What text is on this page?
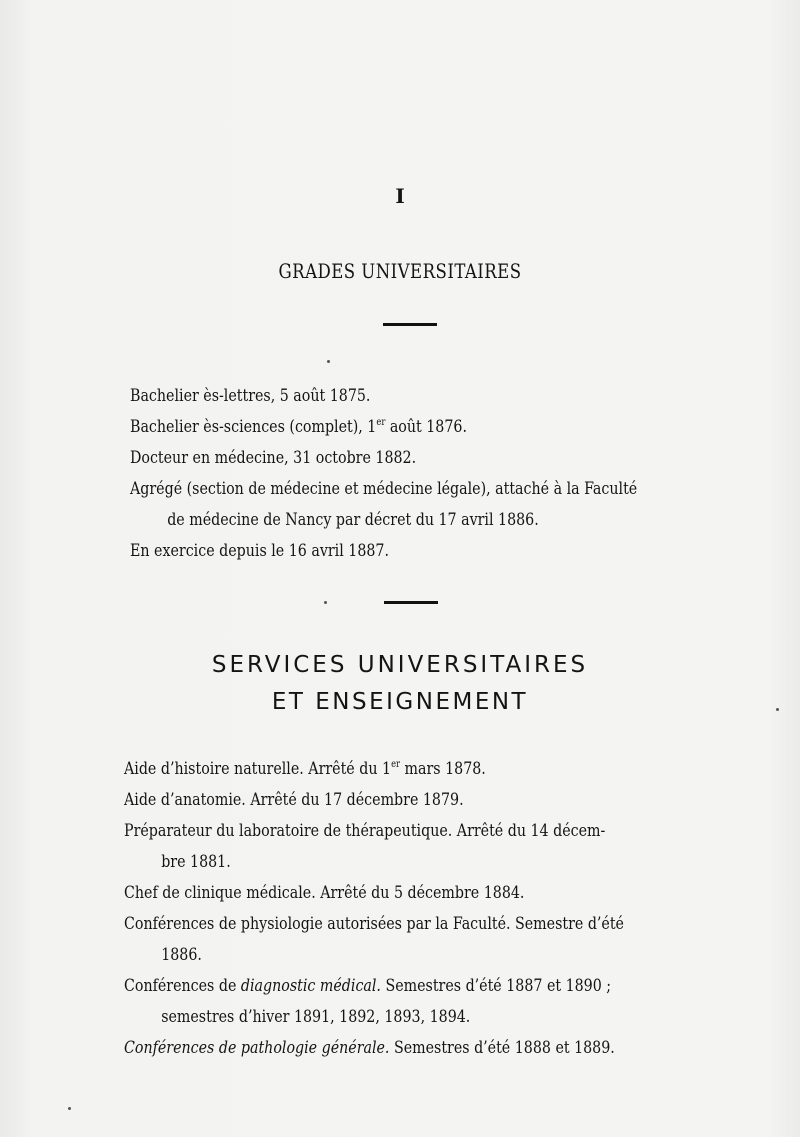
I
GRADES UNIVERSITAIRES
Bachelier ès-lettres, 5 août 1875.
Bachelier ès-sciences (complet), 1er août 1876.
Docteur en médecine, 31 octobre 1882.
Agrégé (section de médecine et médecine légale), attaché à la Faculté
de médecine de Nancy par décret du 17 avril 1886.
En exercice depuis le 16 avril 1887.
SERVICES UNIVERSITAIRES
ET ENSEIGNEMENT
Aide d’histoire naturelle. Arrêté du 1er mars 1878.
Aide d’anatomie. Arrêté du 17 décembre 1879.
Préparateur du laboratoire de thérapeutique. Arrêté du 14 décem-
bre 1881.
Chef de clinique médicale. Arrêté du 5 décembre 1884.
Conférences de physiologie autorisées par la Faculté. Semestre d’été
1886.
Conférences de diagnostic médical. Semestres d’été 1887 et 1890 ;
semestres d’hiver 1891, 1892, 1893, 1894.
Conférences de pathologie générale. Semestres d’été 1888 et 1889.
